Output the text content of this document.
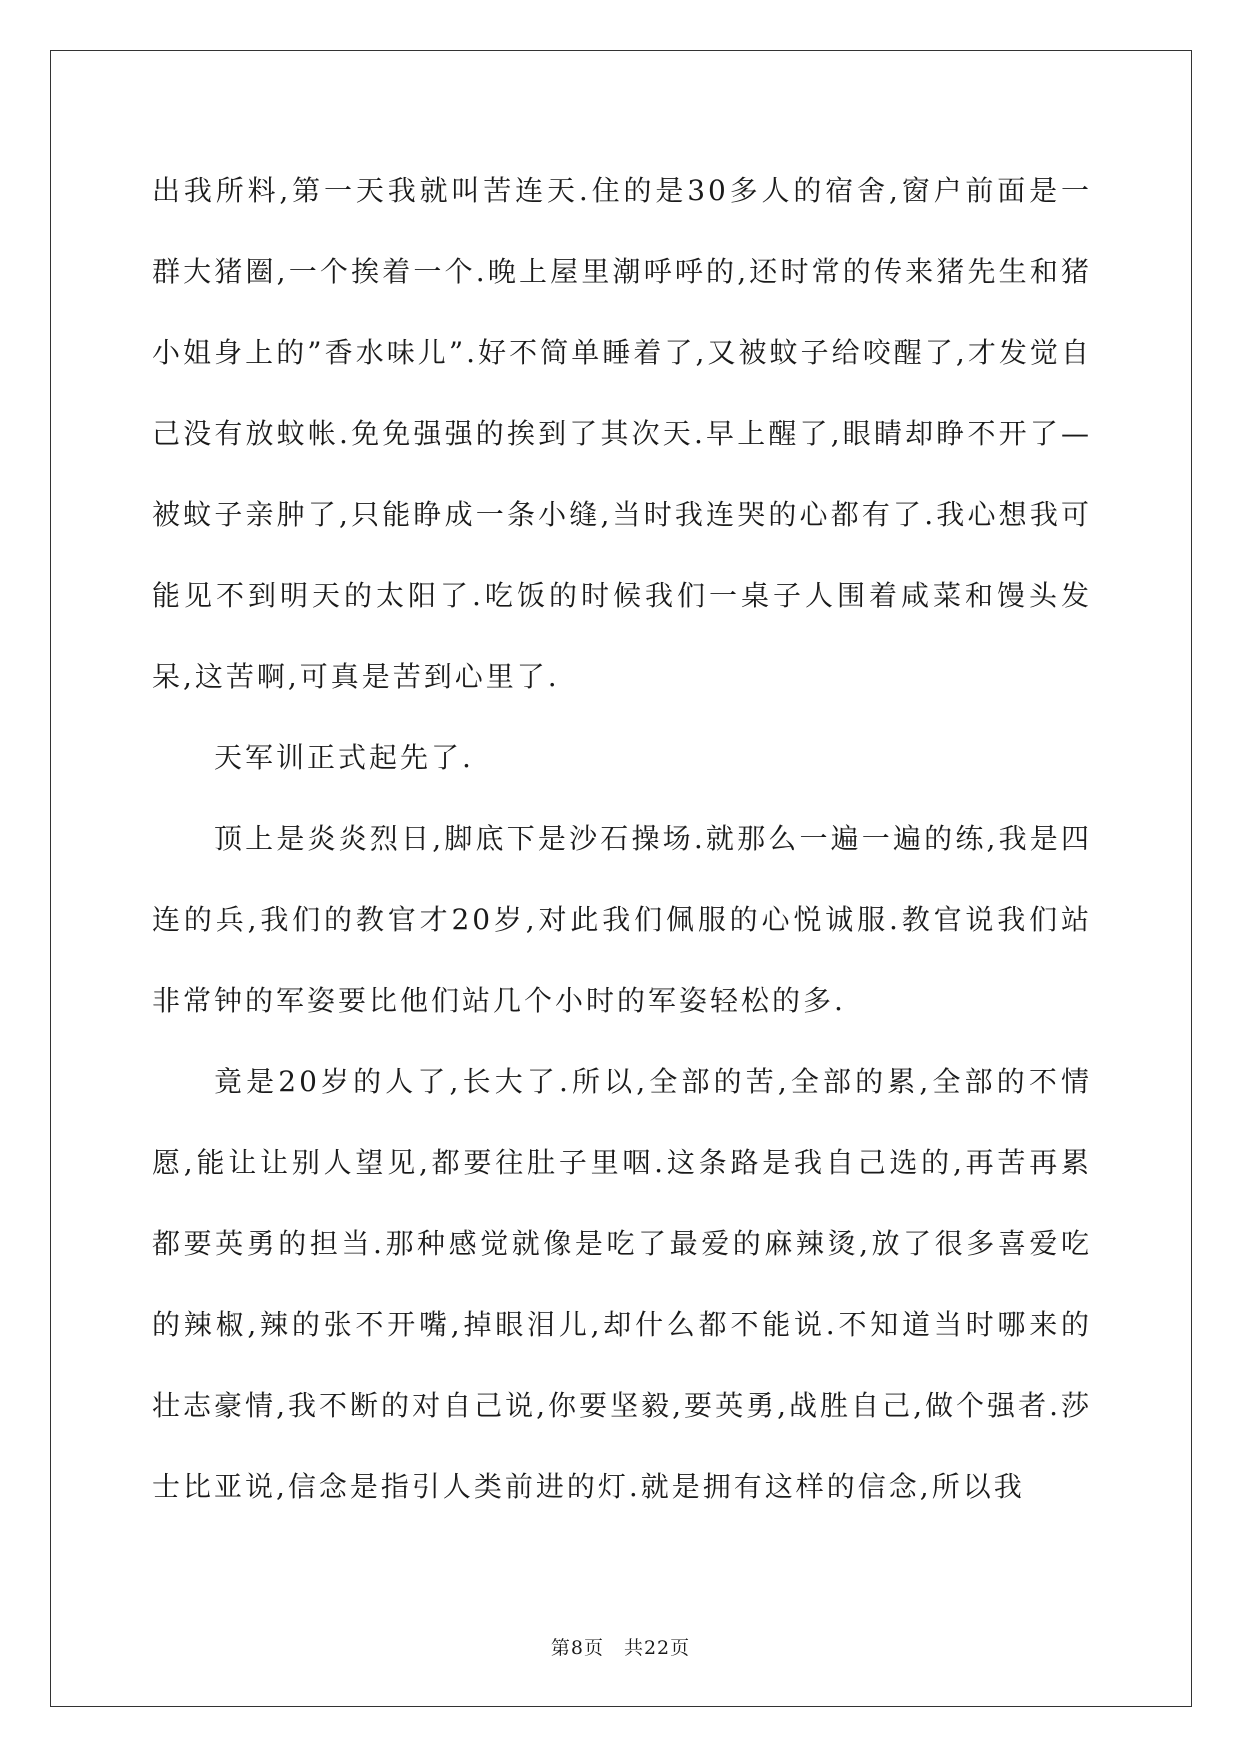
出我所料,第一天我就叫苦连天.住的是30多人的宿舍,窗户前面是一群大猪圈,一个挨着一个.晚上屋里潮呼呼的,还时常的传来猪先生和猪小姐身上的”香水味儿”.好不简单睡着了,又被蚊子给咬醒了,才发觉自己没有放蚊帐.免免强强的挨到了其次天.早上醒了,眼睛却睁不开了—被蚊子亲肿了,只能睁成一条小缝,当时我连哭的心都有了.我心想我可能见不到明天的太阳了.吃饭的时候我们一桌子人围着咸菜和馒头发呆,这苦啊,可真是苦到心里了.

天军训正式起先了.

顶上是炎炎烈日,脚底下是沙石操场.就那么一遍一遍的练,我是四连的兵,我们的教官才20岁,对此我们佩服的心悦诚服.教官说我们站非常钟的军姿要比他们站几个小时的军姿轻松的多.

竟是20岁的人了,长大了.所以,全部的苦,全部的累,全部的不情愿,能让让别人望见,都要往肚子里咽.这条路是我自己选的,再苦再累都要英勇的担当.那种感觉就像是吃了最爱的麻辣烫,放了很多喜爱吃的辣椒,辣的张不开嘴,掉眼泪儿,却什么都不能说.不知道当时哪来的壮志豪情,我不断的对自己说,你要坚毅,要英勇,战胜自己,做个强者.莎士比亚说,信念是指引人类前进的灯.就是拥有这样的信念,所以我

第8页 共22页
